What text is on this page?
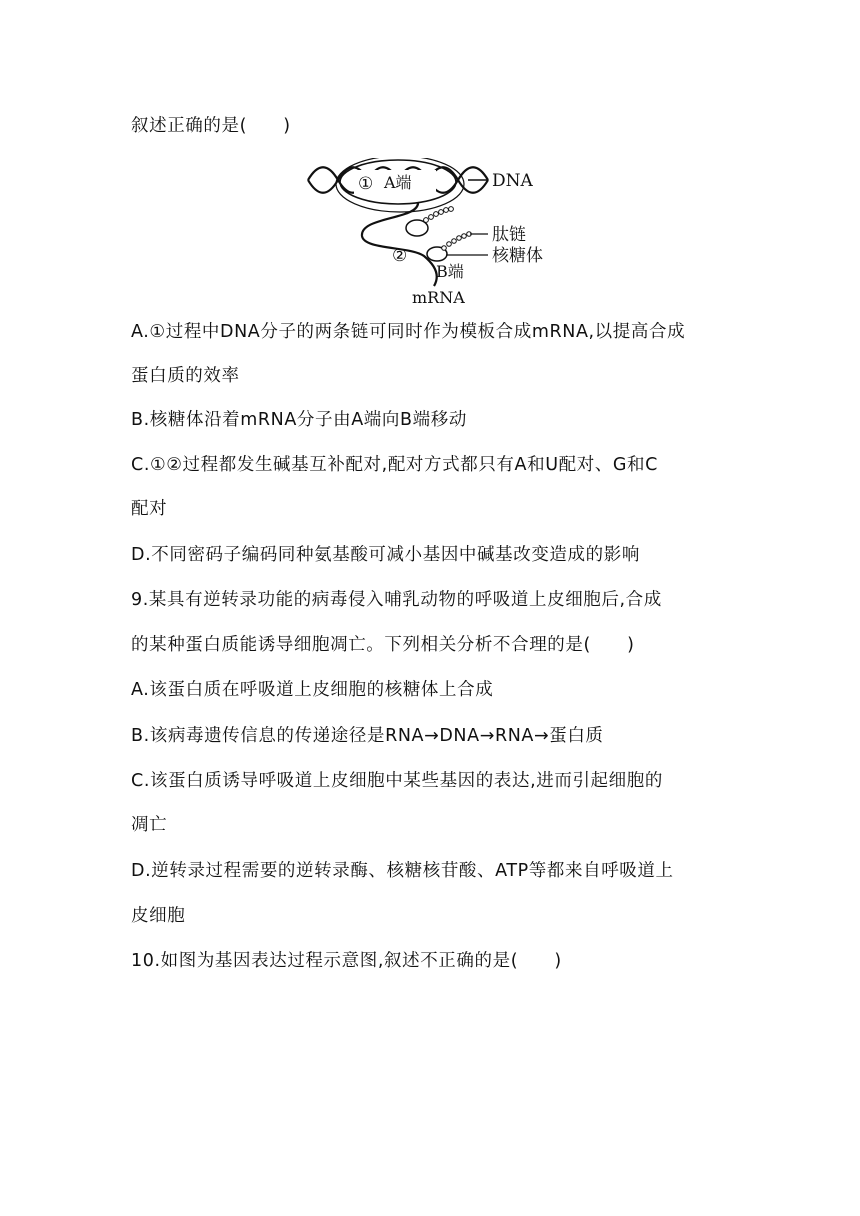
叙述正确的是(　　)
① A端	DNA
肽链
核糖体
②
B端
mRNA
A.①过程中DNA分子的两条链可同时作为模板合成mRNA,以提高合成
蛋白质的效率
B.核糖体沿着mRNA分子由A端向B端移动
C.①②过程都发生碱基互补配对,配对方式都只有A和U配对、G和C
配对
D.不同密码子编码同种氨基酸可减小基因中碱基改变造成的影响
9.某具有逆转录功能的病毒侵入哺乳动物的呼吸道上皮细胞后,合成
的某种蛋白质能诱导细胞凋亡。下列相关分析不合理的是(　　)
A.该蛋白质在呼吸道上皮细胞的核糖体上合成
B.该病毒遗传信息的传递途径是RNA→DNA→RNA→蛋白质
C.该蛋白质诱导呼吸道上皮细胞中某些基因的表达,进而引起细胞的
凋亡
D.逆转录过程需要的逆转录酶、核糖核苷酸、ATP等都来自呼吸道上
皮细胞
10.如图为基因表达过程示意图,叙述不正确的是(　　)
